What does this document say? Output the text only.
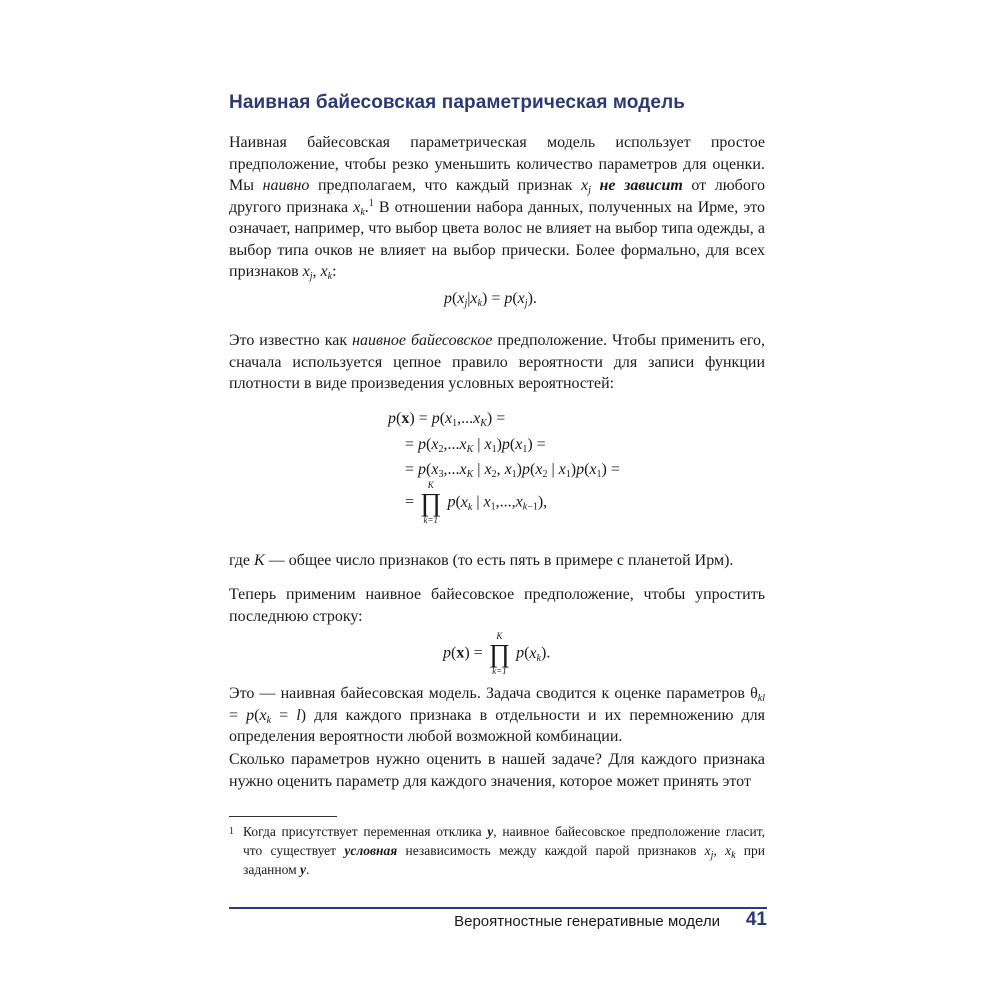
Наивная байесовская параметрическая модель

Наивная байесовская параметрическая модель использует простое предположение, чтобы резко уменьшить количество параметров для оценки. Мы наивно предполагаем, что каждый признак $x_j$ не зависит от любого другого признака $x_k.^1$ В отношении набора данных, полученных на Ирме, это означает, например, что выбор цвета волос не влияет на выбор типа одежды, а выбор типа очков не влияет на выбор прически. Более формально, для всех признаков $x_j$, $x_k$:

$p(x_j|x_k) = p(x_j)$.

Это известно как наивное байесовское предположение. Чтобы применить его, сначала используется цепное правило вероятности для записи функции плотности в виде произведения условных вероятностей:

$p(x) = p(x_1,...x_K)$ =
= $p(x_2,...x_K$ | $x_1)p(x_1)$ =
= $p(x_3,...x_K$ | $x_2$, $x_1)p(x_2$ | $x_1)p(x_1)$ =
=
K
∏
k=1
$p(x_k$ | $x_1,...,x_{k-1}$),

где K — общее число признаков (то есть пять в примере с планетой Ирм).

Теперь применим наивное байесовское предположение, чтобы упростить последнюю строку:

p(x) =
K
∏
k=1
$p(x_k)$.

Это — наивная байесовская модель. Задача сводится к оценке параметров $\theta_{kl} = p(x_k = l)$ для каждого признака в отдельности и их перемножению для определения вероятности любой возможной комбинации.

Сколько параметров нужно оценить в нашей задаче? Для каждого признака нужно оценить параметр для каждого значения, которое может принять этот

1 Когда присутствует переменная отклика y, наивное байесовское предположение гласит, что существует условная независимость между каждой парой признаков $x_j$, $x_k$ при заданном y.
Вероятностные генеративные модели 41
